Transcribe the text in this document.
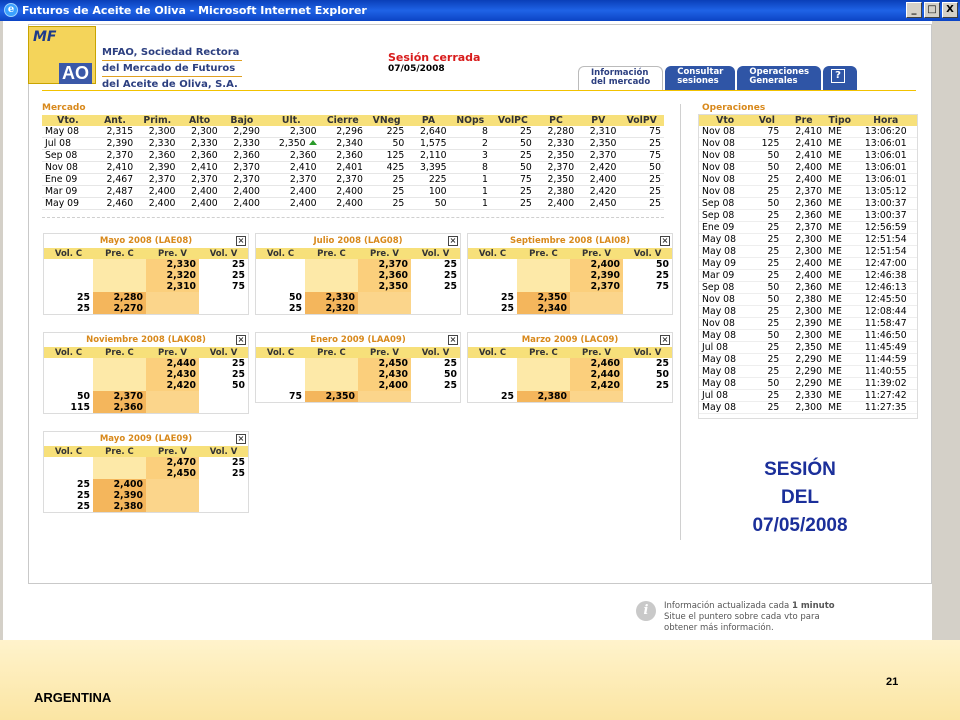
e Futuros de Aceite de Oliva - Microsoft Internet Explorer	_	□ X
MF
AO
MFAO, Sociedad Rectora
del Mercado de Futuros
del Aceite de Oliva, S.A.
Sesión cerrada
07/05/2008	Información
del mercado
Consultar
sesiones
Operaciones
Generales	?
Mercado
Vto.	Ant.	Prim.	Alto	Bajo	Ult.	Cierre	VNeg	PA	NOps	VolPC	PC	PV	VolPV
May 08	2,315	2,300	2,300	2,290	2,300	2,296	225	2,640	8	25	2,280	2,310	75
Jul 08	2,390	2,330	2,330	2,330	2,350	2,340	50	1,575	2	50	2,330	2,350	25
Sep 08	2,370	2,360	2,360	2,360	2,360	2,360	125	2,110	3	25	2,350	2,370	75
Nov 08	2,410	2,390	2,410	2,370	2,410	2,401	425	3,395	8	50	2,370	2,420	50
Ene 09	2,467	2,370	2,370	2,370	2,370	2,370	25	225	1	75	2,350	2,400	25
Mar 09	2,487	2,400	2,400	2,400	2,400	2,400	25	100	1	25	2,380	2,420	25
May 09	2,460	2,400	2,400	2,400	2,400	2,400	25	50	1	25	2,400	2,450	25
Operaciones
Vto	Vol	Pre	Tipo	Hora
Nov 08	75	2,410	ME	13:06:20
Nov 08	125	2,410	ME	13:06:01
Nov 08	50	2,410	ME	13:06:01
Nov 08	50	2,400	ME	13:06:01
Nov 08	25	2,400	ME	13:06:01
Nov 08	25	2,370	ME	13:05:12
Sep 08	50	2,360	ME	13:00:37
Sep 08	25	2,360	ME	13:00:37
Ene 09	25	2,370	ME	12:56:59
May 08	25	2,300	ME	12:51:54
May 08	25	2,300	ME	12:51:54
May 09	25	2,400	ME	12:47:00
Mar 09	25	2,400	ME	12:46:38
Sep 08	50	2,360	ME	12:46:13
Nov 08	50	2,380	ME	12:45:50
May 08	25	2,300	ME	12:08:44
Nov 08	25	2,390	ME	11:58:47
May 08	50	2,300	ME	11:46:50
Jul 08	25	2,350	ME	11:45:49
May 08	25	2,290	ME	11:44:59
May 08	25	2,290	ME	11:40:55
May 08	50	2,290	ME	11:39:02
Jul 08	25	2,330	ME	11:27:42
May 08	25	2,300	ME	11:27:35
Mayo 2008 (LAE08)	×
Vol. C	Pre. C	Pre. V	Vol. V
		2,330	25
		2,320	25
		2,310	75
25	2,280		
25	2,270		
Julio 2008 (LAG08)	×
Vol. C	Pre. C	Pre. V	Vol. V
		2,370	25
		2,360	25
		2,350	25
50	2,330		
25	2,320		
Septiembre 2008 (LAI08)	×
Vol. C	Pre. C	Pre. V	Vol. V
		2,400	50
		2,390	25
		2,370	75
25	2,350		
25	2,340		
Noviembre 2008 (LAK08)	×
Vol. C	Pre. C	Pre. V	Vol. V
		2,440	25
		2,430	25
		2,420	50
50	2,370		
115	2,360		
Enero 2009 (LAA09)	×
Vol. C	Pre. C	Pre. V	Vol. V
		2,450	25
		2,430	50
		2,400	25
75	2,350		
Marzo 2009 (LAC09)	×
Vol. C	Pre. C	Pre. V	Vol. V
		2,460	25
		2,440	50
		2,420	25
25	2,380		
Mayo 2009 (LAE09)	×
Vol. C	Pre. C	Pre. V	Vol. V
		2,470	25
		2,450	25
25	2,400		
25	2,390		
25	2,380		
SESIÓN
DEL
07/05/2008
i	Información actualizada cada 1 minuto
Situe el puntero sobre cada vto para
obtener más información.
21
ARGENTINA
